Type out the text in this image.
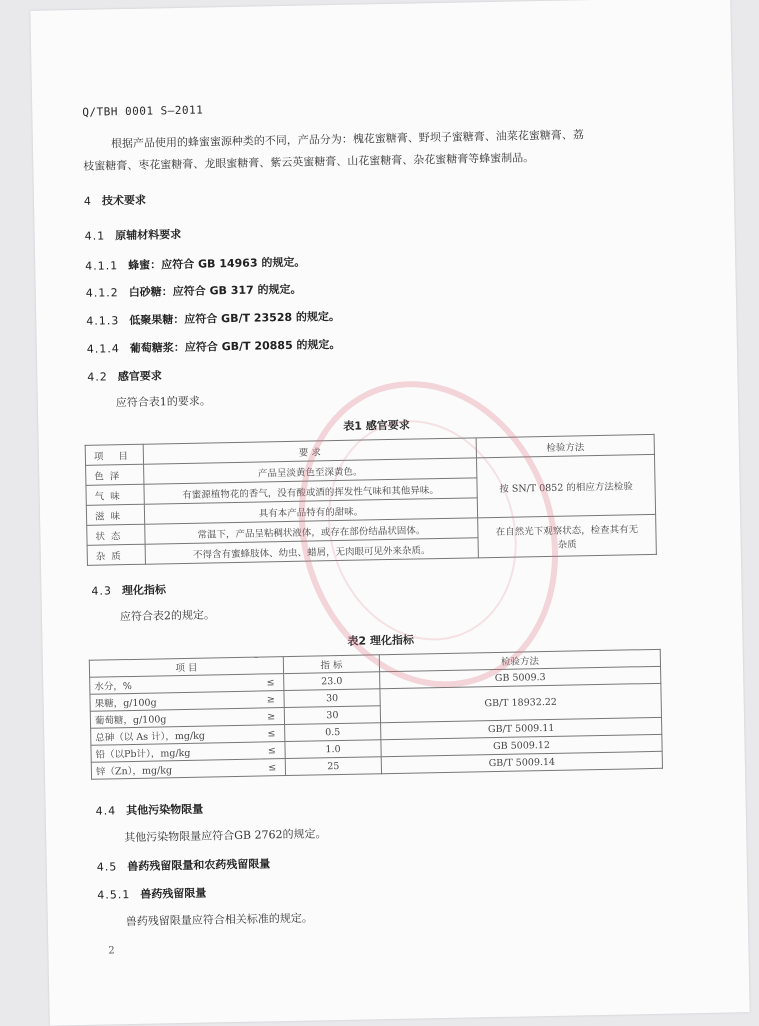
Q/TBH 0001 S—2011
根据产品使用的蜂蜜蜜源种类的不同，产品分为：槐花蜜糖膏、野坝子蜜糖膏、油菜花蜜糖膏、荔
枝蜜糖膏、枣花蜜糖膏、龙眼蜜糖膏、紫云英蜜糖膏、山花蜜糖膏、杂花蜜糖膏等蜂蜜制品。
4 技术要求
4.1 原辅材料要求
4.1.1 蜂蜜：应符合 GB 14963 的规定。
4.1.2 白砂糖：应符合 GB 317 的规定。
4.1.3 低聚果糖：应符合 GB/T 23528 的规定。
4.1.4 葡萄糖浆：应符合 GB/T 20885 的规定。
4.2 感官要求
应符合表1的要求。
表1 感官要求
项 目	要 求	检验方法
色泽	产品呈淡黄色至深黄色。	按 SN/T 0852 的相应方法检验
气味	有蜜源植物花的香气，没有酸或酒的挥发性气味和其他异味。	
滋味	具有本产品特有的甜味。	
状态	常温下，产品呈粘稠状液体，或存在部份结晶状固体。	在自然光下观察状态，检查其有无
杂质

杂质	不得含有蜜蜂肢体、幼虫、蜡屑，无肉眼可见外来杂质。	
4.3 理化指标
应符合表2的规定。
表2 理化指标
项 目		指 标	检验方法
水分，%	≤	23.0	GB 5009.3
果糖，g/100g	≥	30	GB/T 18932.22
葡萄糖，g/100g	≥	30	
总砷（以 As 计），mg/kg	≤	0.5	GB/T 5009.11
铅（以Pb计），mg/kg	≤	1.0	GB 5009.12
锌（Zn），mg/kg	≤	25	GB/T 5009.14
4.4 其他污染物限量
其他污染物限量应符合GB 2762的规定。
4.5 兽药残留限量和农药残留限量
4.5.1 兽药残留限量
兽药残留限量应符合相关标准的规定。
2
